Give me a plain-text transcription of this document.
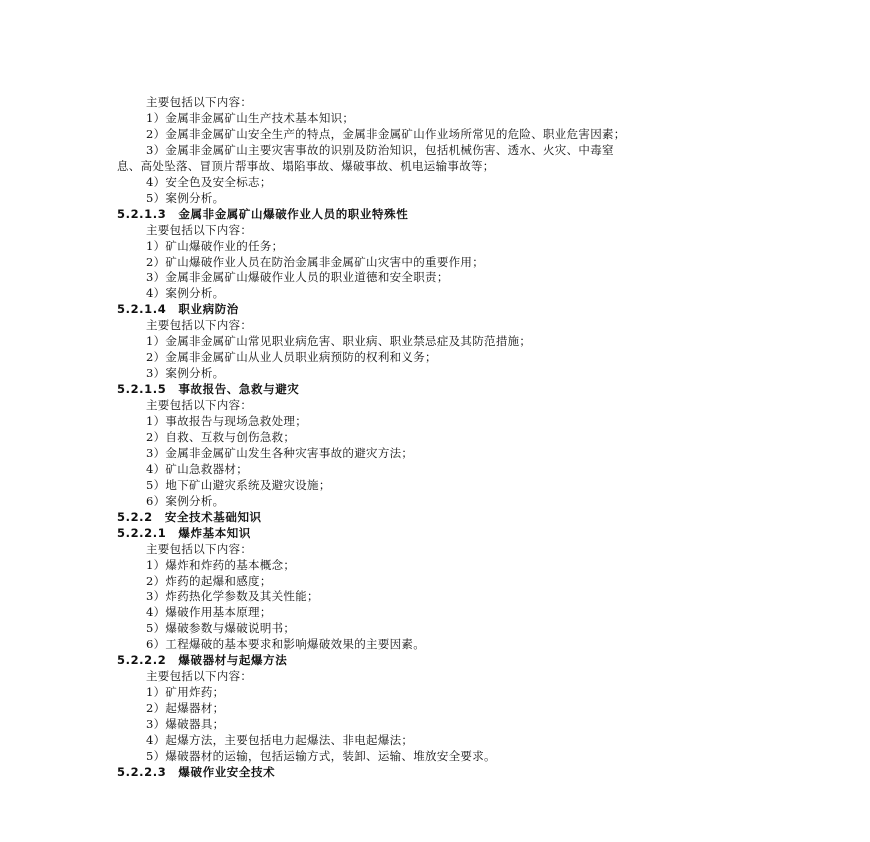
主要包括以下内容：
1）金属非金属矿山生产技术基本知识；
2）金属非金属矿山安全生产的特点，金属非金属矿山作业场所常见的危险、职业危害因素；
3）金属非金属矿山主要灾害事故的识别及防治知识，包括机械伤害、透水、火灾、中毒窒
息、高处坠落、冒顶片帮事故、塌陷事故、爆破事故、机电运输事故等；
4）安全色及安全标志；
5）案例分析。
5.2.1.3　金属非金属矿山爆破作业人员的职业特殊性
主要包括以下内容：
1）矿山爆破作业的任务；
2）矿山爆破作业人员在防治金属非金属矿山灾害中的重要作用；
3）金属非金属矿山爆破作业人员的职业道德和安全职责；
4）案例分析。
5.2.1.4　职业病防治
主要包括以下内容：
1）金属非金属矿山常见职业病危害、职业病、职业禁忌症及其防范措施；
2）金属非金属矿山从业人员职业病预防的权利和义务；
3）案例分析。
5.2.1.5　事故报告、急救与避灾
主要包括以下内容：
1）事故报告与现场急救处理；
2）自救、互救与创伤急救；
3）金属非金属矿山发生各种灾害事故的避灾方法；
4）矿山急救器材；
5）地下矿山避灾系统及避灾设施；
6）案例分析。
5.2.2　安全技术基础知识
5.2.2.1　爆炸基本知识
主要包括以下内容：
1）爆炸和炸药的基本概念；
2）炸药的起爆和感度；
3）炸药热化学参数及其关性能；
4）爆破作用基本原理；
5）爆破参数与爆破说明书；
6）工程爆破的基本要求和影响爆破效果的主要因素。
5.2.2.2　爆破器材与起爆方法
主要包括以下内容：
1）矿用炸药；
2）起爆器材；
3）爆破器具；
4）起爆方法，主要包括电力起爆法、非电起爆法；
5）爆破器材的运输，包括运输方式，装卸、运输、堆放安全要求。
5.2.2.3　爆破作业安全技术
